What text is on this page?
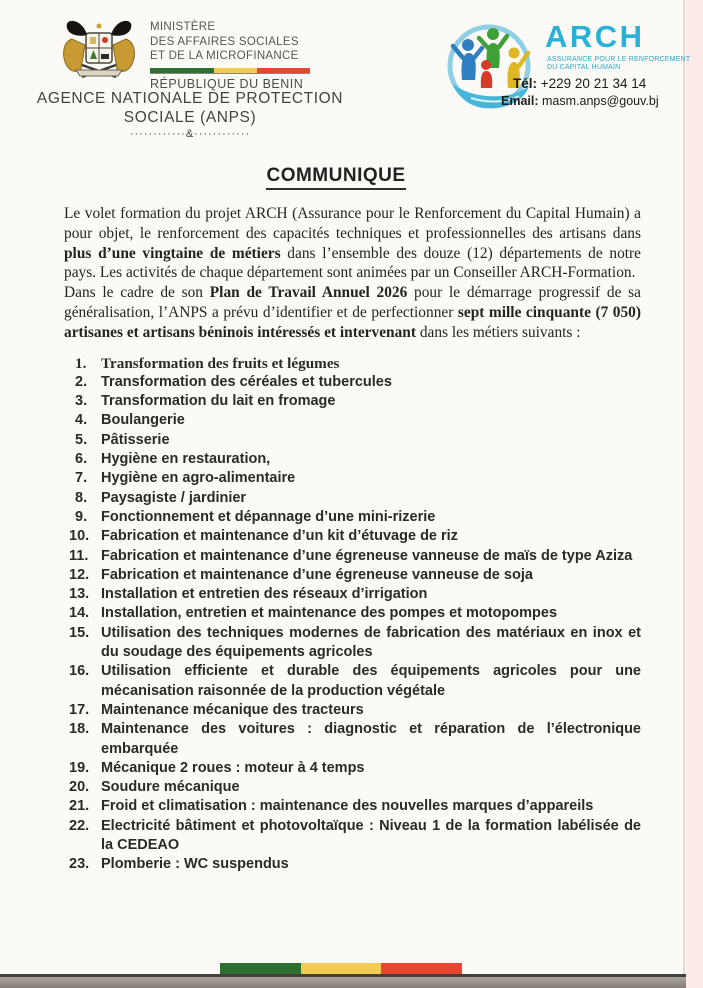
MINISTÈRE
DES AFFAIRES SOCIALES
ET DE LA MICROFINANCE
RÉPUBLIQUE DU BENIN
AGENCE NATIONALE DE PROTECTION
SOCIALE (ANPS)
············&············
ARCH
ASSURANCE POUR LE RENFORCEMENT
DU CAPITAL HUMAIN
Tél: +229 20 21 34 14
Email: masm.anps@gouv.bj
COMMUNIQUE

Le volet formation du projet ARCH (Assurance pour le Renforcement du Capital Humain) a pour objet, le renforcement des capacités techniques et professionnelles des artisans dans plus d’une vingtaine de métiers dans l’ensemble des douze (12) départements de notre pays. Les activités de chaque département sont animées par un Conseiller ARCH-Formation.

Dans le cadre de son Plan de Travail Annuel 2026 pour le démarrage progressif de sa généralisation, l’ANPS a prévu d’identifier et de perfectionner sept mille cinquante (7 050) artisanes et artisans béninois intéressés et intervenant dans les métiers suivants :

1. Transformation des fruits et légumes
2. Transformation des céréales et tubercules
3. Transformation du lait en fromage
4. Boulangerie
5. Pâtisserie
6. Hygiène en restauration,
7. Hygiène en agro-alimentaire
8. Paysagiste / jardinier
9. Fonctionnement et dépannage d’une mini-rizerie
10. Fabrication et maintenance d’un kit d’étuvage de riz
11. Fabrication et maintenance d’une égreneuse vanneuse de maïs de type Aziza
12. Fabrication et maintenance d’une égreneuse vanneuse de soja
13. Installation et entretien des réseaux d’irrigation
14. Installation, entretien et maintenance des pompes et motopompes
15. Utilisation des techniques modernes de fabrication des matériaux en inox et du soudage des équipements agricoles
16. Utilisation efficiente et durable des équipements agricoles pour une mécanisation raisonnée de la production végétale
17. Maintenance mécanique des tracteurs
18. Maintenance des voitures : diagnostic et réparation de l’électronique embarquée
19. Mécanique 2 roues : moteur à 4 temps
20. Soudure mécanique
21. Froid et climatisation : maintenance des nouvelles marques d’appareils
22. Electricité bâtiment et photovoltaïque : Niveau 1 de la formation labélisée de la CEDEAO
23. Plomberie : WC suspendus
